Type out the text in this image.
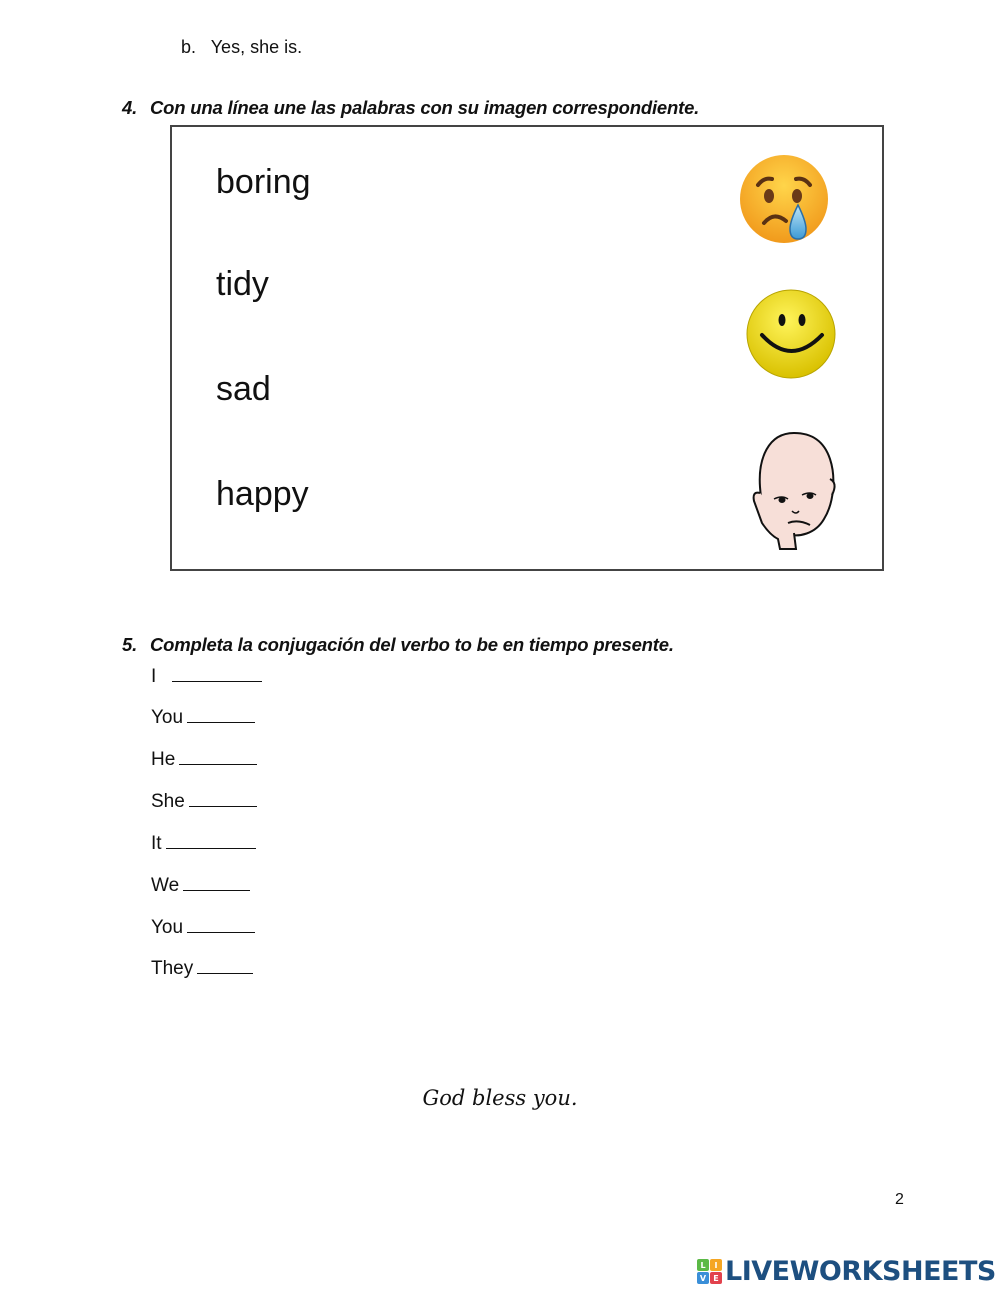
b. Yes, she is.
4. Con una línea une las palabras con su imagen correspondiente.
boring
tidy
sad
happy
5. Completa la conjugación del verbo to be en tiempo presente.
I
You
He
She
It
We
You
They
God bless you.
2
L	I
V E LIVEWORKSHEETS
